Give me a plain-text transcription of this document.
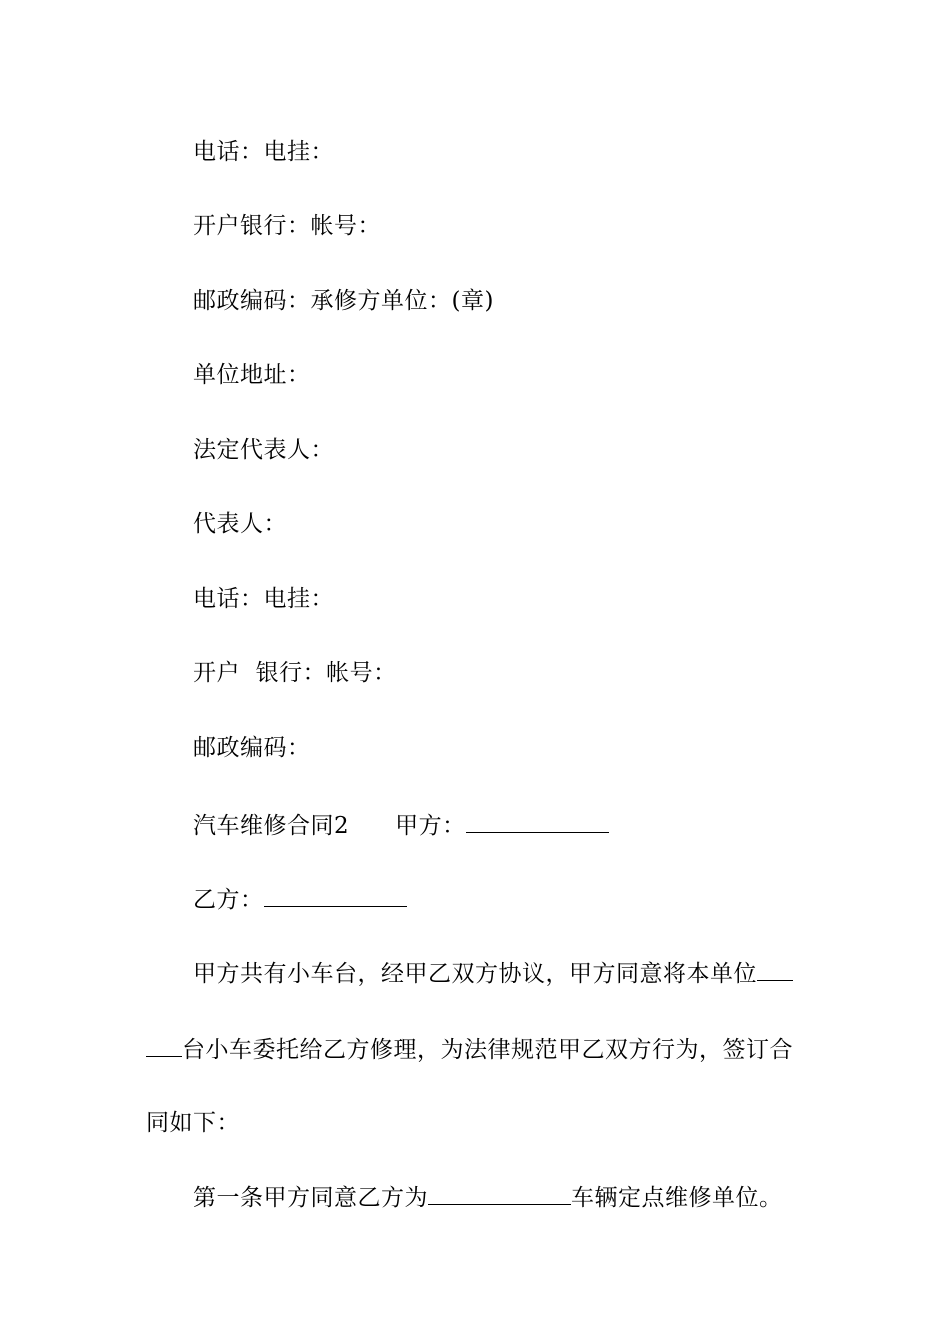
电话：电挂：
开户银行：帐号：
邮政编码：承修方单位：(章)
单位地址：
法定代表人：
代表人：
电话：电挂：
开户  银行：帐号：
邮政编码：
汽车维修合同2 甲方：
乙方：
甲方共有小车台，经甲乙双方协议，甲方同意将本单位
台小车委托给乙方修理，为法律规范甲乙双方行为，签订合
同如下：
第一条甲方同意乙方为	车辆定点维修单位。
